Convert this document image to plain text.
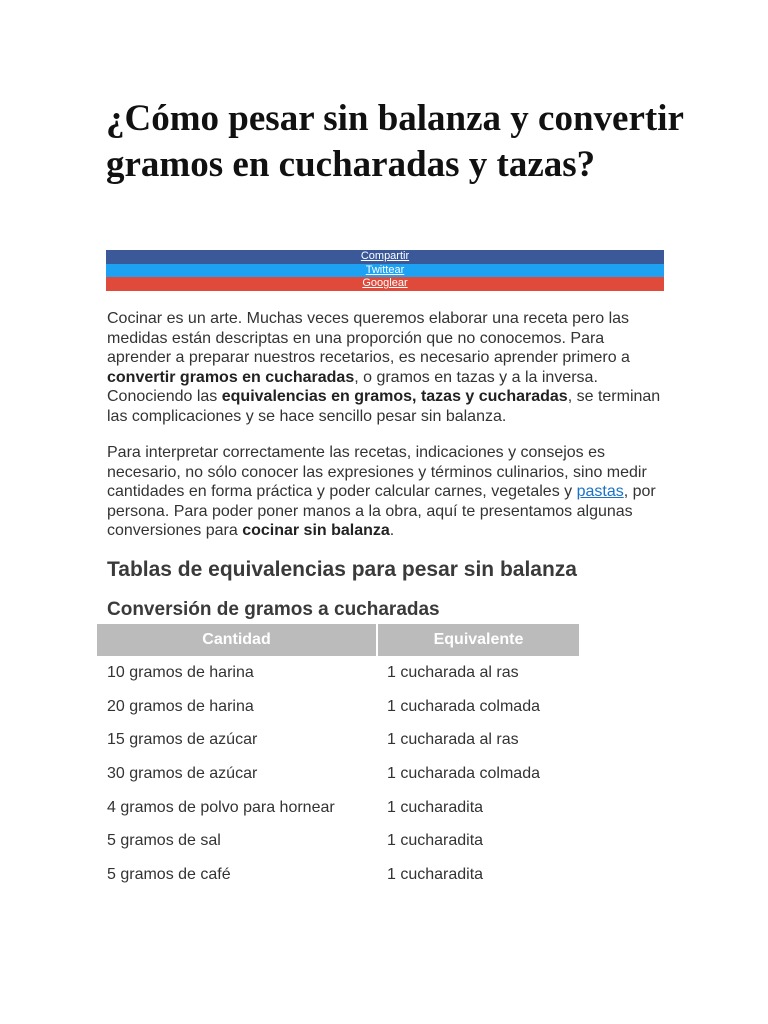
¿Cómo pesar sin balanza y convertir gramos en cucharadas y tazas?
Compartir
Twittear
Googlear

Cocinar es un arte. Muchas veces queremos elaborar una receta pero las medidas están descriptas en una proporción que no conocemos. Para aprender a preparar nuestros recetarios, es necesario aprender primero a convertir gramos en cucharadas, o gramos en tazas y a la inversa. Conociendo las equivalencias en gramos, tazas y cucharadas, se terminan las complicaciones y se hace sencillo pesar sin balanza.

Para interpretar correctamente las recetas, indicaciones y consejos es necesario, no sólo conocer las expresiones y términos culinarios, sino medir cantidades en forma práctica y poder calcular carnes, vegetales y pastas, por persona. Para poder poner manos a la obra, aquí te presentamos algunas conversiones para cocinar sin balanza.

Tablas de equivalencias para pesar sin balanza
Conversión de gramos a cucharadas
Cantidad	Equivalente
10 gramos de harina	1 cucharada al ras
20 gramos de harina	1 cucharada colmada
15 gramos de azúcar	1 cucharada al ras
30 gramos de azúcar	1 cucharada colmada
4 gramos de polvo para hornear	1 cucharadita
5 gramos de sal	1 cucharadita
5 gramos de café	1 cucharadita
